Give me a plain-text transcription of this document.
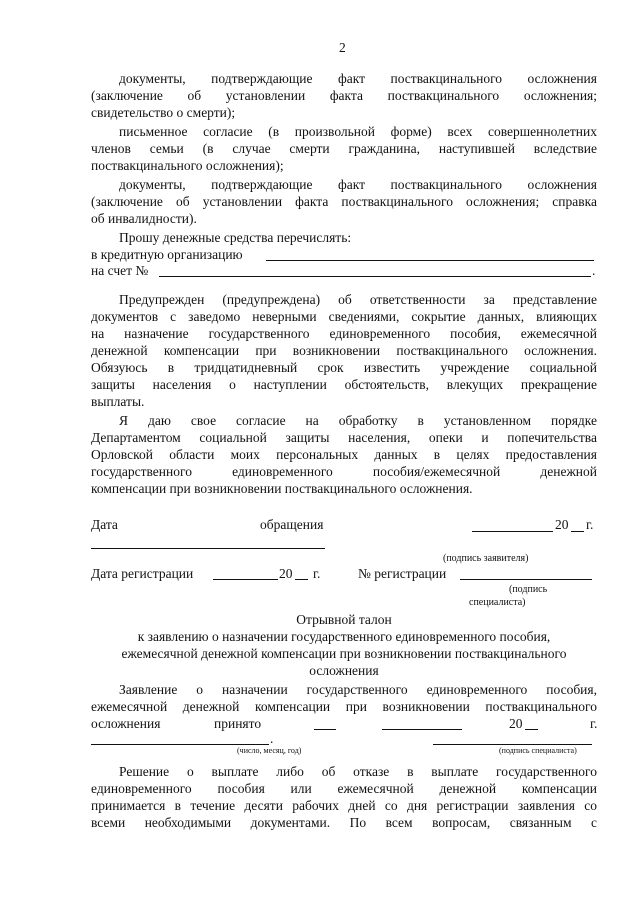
2
документы, подтверждающие факт поствакцинального осложнения
(заключение об установлении факта поствакцинального осложнения;
свидетельство о смерти);
письменное согласие (в произвольной форме) всех совершеннолетних
членов семьи (в случае смерти гражданина, наступившей вследствие
поствакцинального осложнения);
документы, подтверждающие факт поствакцинального осложнения
(заключение об установлении факта поствакцинального осложнения; справка
об инвалидности).
Прошу денежные средства перечислять:
в кредитную организацию
на счет №	.
Предупрежден (предупреждена) об ответственности за представление
документов с заведомо неверными сведениями, сокрытие данных, влияющих
на назначение государственного единовременного пособия, ежемесячной
денежной компенсации при возникновении поствакцинального осложнения.
Обязуюсь в тридцатидневный срок известить учреждение социальной
защиты населения о наступлении обстоятельств, влекущих прекращение
выплаты.
Я даю свое согласие на обработку в установленном порядке
Департаментом социальной защиты населения, опеки и попечительства
Орловской области моих персональных данных в целях предоставления
государственного единовременного пособия/ежемесячной денежной
компенсации при возникновении поствакцинального осложнения.
Дата	обращения	20 г.
(подпись заявителя)
Дата регистрации	20 г.	№ регистрации
(подпись
специалиста)
Отрывной талон
к заявлению о назначении государственного единовременного пособия,
ежемесячной денежной компенсации при возникновении поствакцинального
осложнения
Заявление о назначении государственного единовременного пособия,
ежемесячной денежной компенсации при возникновении поствакцинального
осложнения	принято	20	г.
.
(число, месяц, год)	(подпись специалиста)
Решение о выплате либо об отказе в выплате государственного
единовременного пособия или ежемесячной денежной компенсации
принимается в течение десяти рабочих дней со дня регистрации заявления со
всеми необходимыми документами. По всем вопросам, связанным с
